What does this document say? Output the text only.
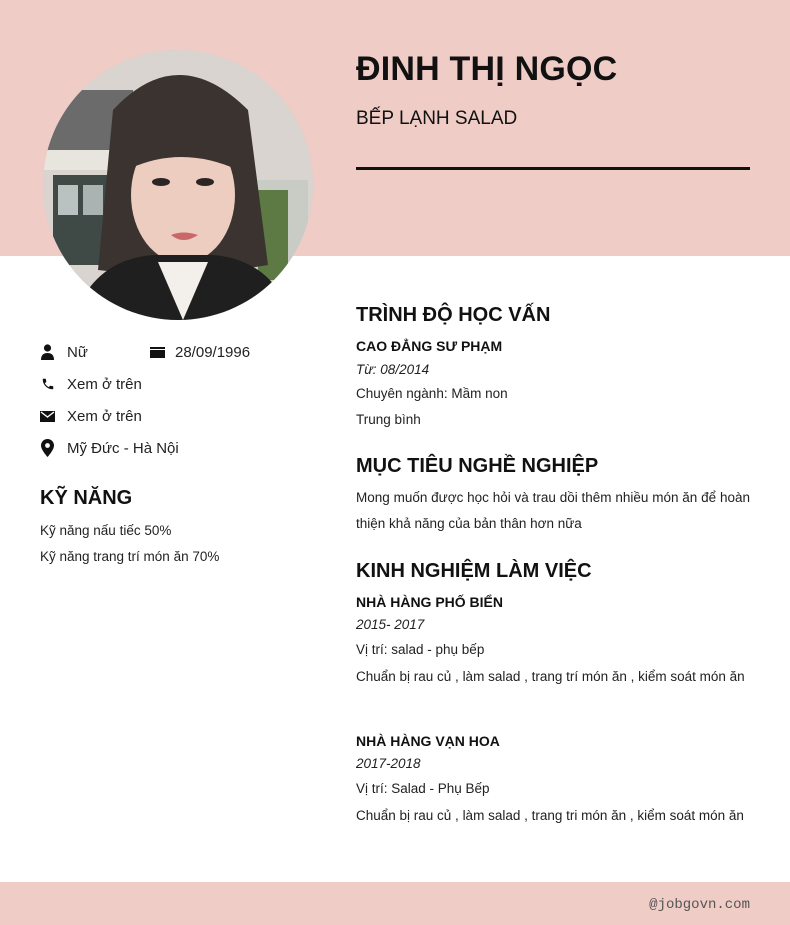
ĐINH THỊ NGỌC
BẾP LẠNH SALAD
Nữ	28/09/1996
Xem ở trên
Xem ở trên
Mỹ Đức - Hà Nội
KỸ NĂNG
Kỹ năng nấu tiếc 50%
Kỹ năng trang trí món ăn 70%
TRÌNH ĐỘ HỌC VẤN
CAO ĐẲNG SƯ PHẠM
Từ: 08/2014
Chuyên ngành: Mầm non
Trung bình
MỤC TIÊU NGHỀ NGHIỆP
Mong muốn được học hỏi và trau dồi thêm nhiều món ăn để hoàn thiện khả năng của bản thân hơn nữa
KINH NGHIỆM LÀM VIỆC
NHÀ HÀNG PHỐ BIỂN
2015- 2017
Vị trí: salad - phụ bếp
Chuẩn bị rau củ , làm salad , trang trí món ăn , kiểm soát món ăn
NHÀ HÀNG VẠN HOA
2017-2018
Vị trí: Salad - Phụ Bếp
Chuẩn bị rau củ , làm salad , trang tri món ăn , kiểm soát món ăn
@jobgovn.com
